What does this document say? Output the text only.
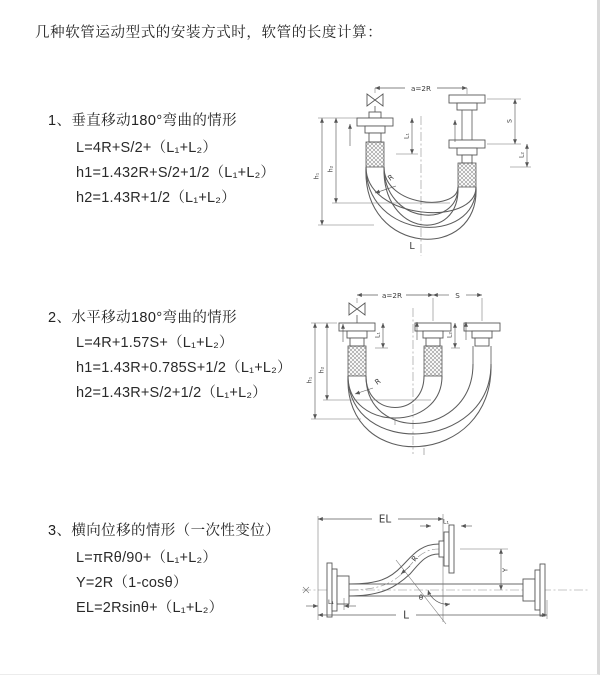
几种软管运动型式的安装方式时，软管的长度计算：
1、垂直移动180°弯曲的情形
L=4R+S/2+（L₁+L₂）
h1=1.432R+S/2+1/2（L₁+L₂）
h2=1.43R+1/2（L₁+L₂）
2、水平移动180°弯曲的情形
L=4R+1.57S+（L₁+L₂）
h1=1.43R+0.785S+1/2（L₁+L₂）
h2=1.43R+S/2+1/2（L₁+L₂）
3、横向位移的情形（一次性变位）
L=πRθ/90+（L₁+L₂）
Y=2R（1-cosθ）
EL=2Rsinθ+（L₁+L₂）
a=2R
h₂
h₁
L₁
S
L₂
R
L
a=2R	S
h₂
h₁
L₁	L₂
R
θ
EL	L₁
Y
R
L
L₁
